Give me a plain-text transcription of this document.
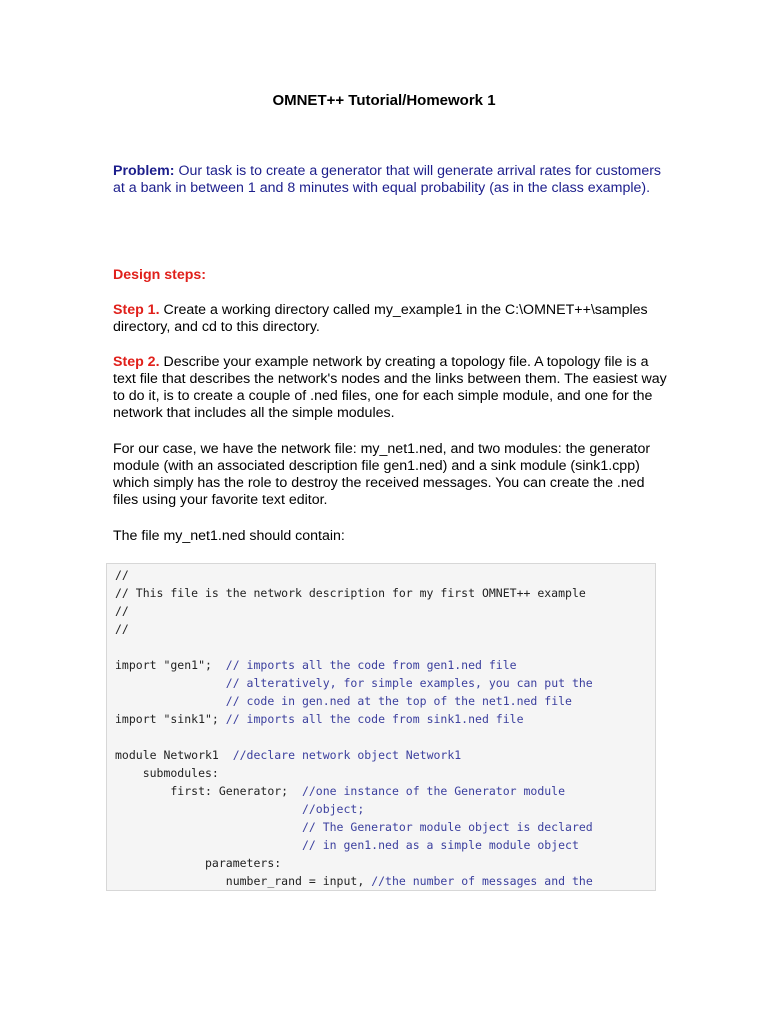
OMNET++ Tutorial/Homework 1
Problem: Our task is to create a generator that will generate arrival rates for customers at a bank in between 1 and 8 minutes with equal probability (as in the class example).
Design steps:
Step 1. Create a working directory called my_example1 in the C:\OMNET++\samples directory, and cd to this directory.
Step 2. Describe your example network by creating a topology file. A topology file is a text file that describes the network's nodes and the links between them. The easiest way to do it, is to create a couple of .ned files, one for each simple module, and one for the network that includes all the simple modules.
For our case, we have the network file: my_net1.ned, and two modules: the generator module (with an associated description file gen1.ned) and a sink module (sink1.cpp) which simply has the role to destroy the received messages. You can create the .ned files using your favorite text editor.
The file my_net1.ned should contain:
//
// This file is the network description for my first OMNET++ example
//
//
import "gen1";  // imports all the code from gen1.ned file
// alteratively, for simple examples, you can put the
// code in gen.ned at the top of the net1.ned file
import "sink1"; // imports all the code from sink1.ned file
module Network1  //declare network object Network1
submodules:
first: Generator;  //one instance of the Generator module
//object;
// The Generator module object is declared
// in gen1.ned as a simple module object
parameters:
number_rand = input, //the number of messages and the
